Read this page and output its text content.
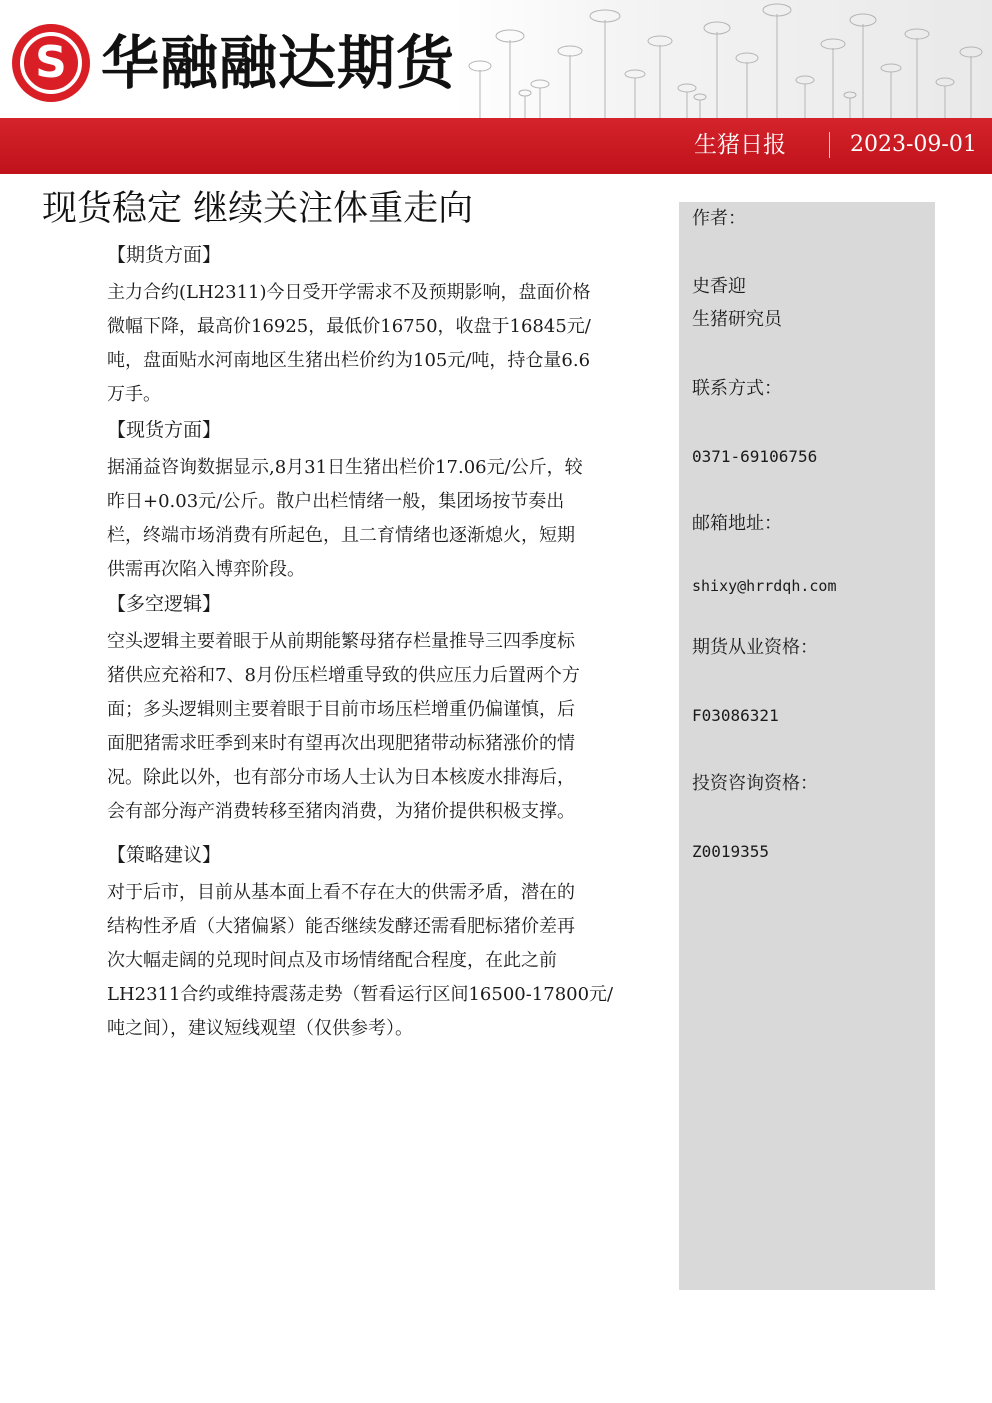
S 华融融达期货
生猪日报	2023-09-01
现货稳定 继续关注体重走向
【期货方面】
主力合约(LH2311)今日受开学需求不及预期影响，盘面价格
微幅下降，最高价16925，最低价16750，收盘于16845元/
吨，盘面贴水河南地区生猪出栏价约为105元/吨，持仓量6.6
万手。
【现货方面】
据涌益咨询数据显示,8月31日生猪出栏价17.06元/公斤，较
昨日+0.03元/公斤。散户出栏情绪一般，集团场按节奏出
栏，终端市场消费有所起色，且二育情绪也逐渐熄火，短期
供需再次陷入博弈阶段。
【多空逻辑】
空头逻辑主要着眼于从前期能繁母猪存栏量推导三四季度标
猪供应充裕和7、8月份压栏增重导致的供应压力后置两个方
面；多头逻辑则主要着眼于目前市场压栏增重仍偏谨慎，后
面肥猪需求旺季到来时有望再次出现肥猪带动标猪涨价的情
况。除此以外，也有部分市场人士认为日本核废水排海后，
会有部分海产消费转移至猪肉消费，为猪价提供积极支撑。
【策略建议】
对于后市，目前从基本面上看不存在大的供需矛盾，潜在的
结构性矛盾（大猪偏紧）能否继续发酵还需看肥标猪价差再
次大幅走阔的兑现时间点及市场情绪配合程度，在此之前
LH2311合约或维持震荡走势（暂看运行区间16500-17800元/
吨之间），建议短线观望（仅供参考）。
作者：
史香迎
生猪研究员
联系方式：
0371-69106756
邮箱地址：
shixy@hrrdqh.com
期货从业资格：
F03086321
投资咨询资格：
Z0019355
